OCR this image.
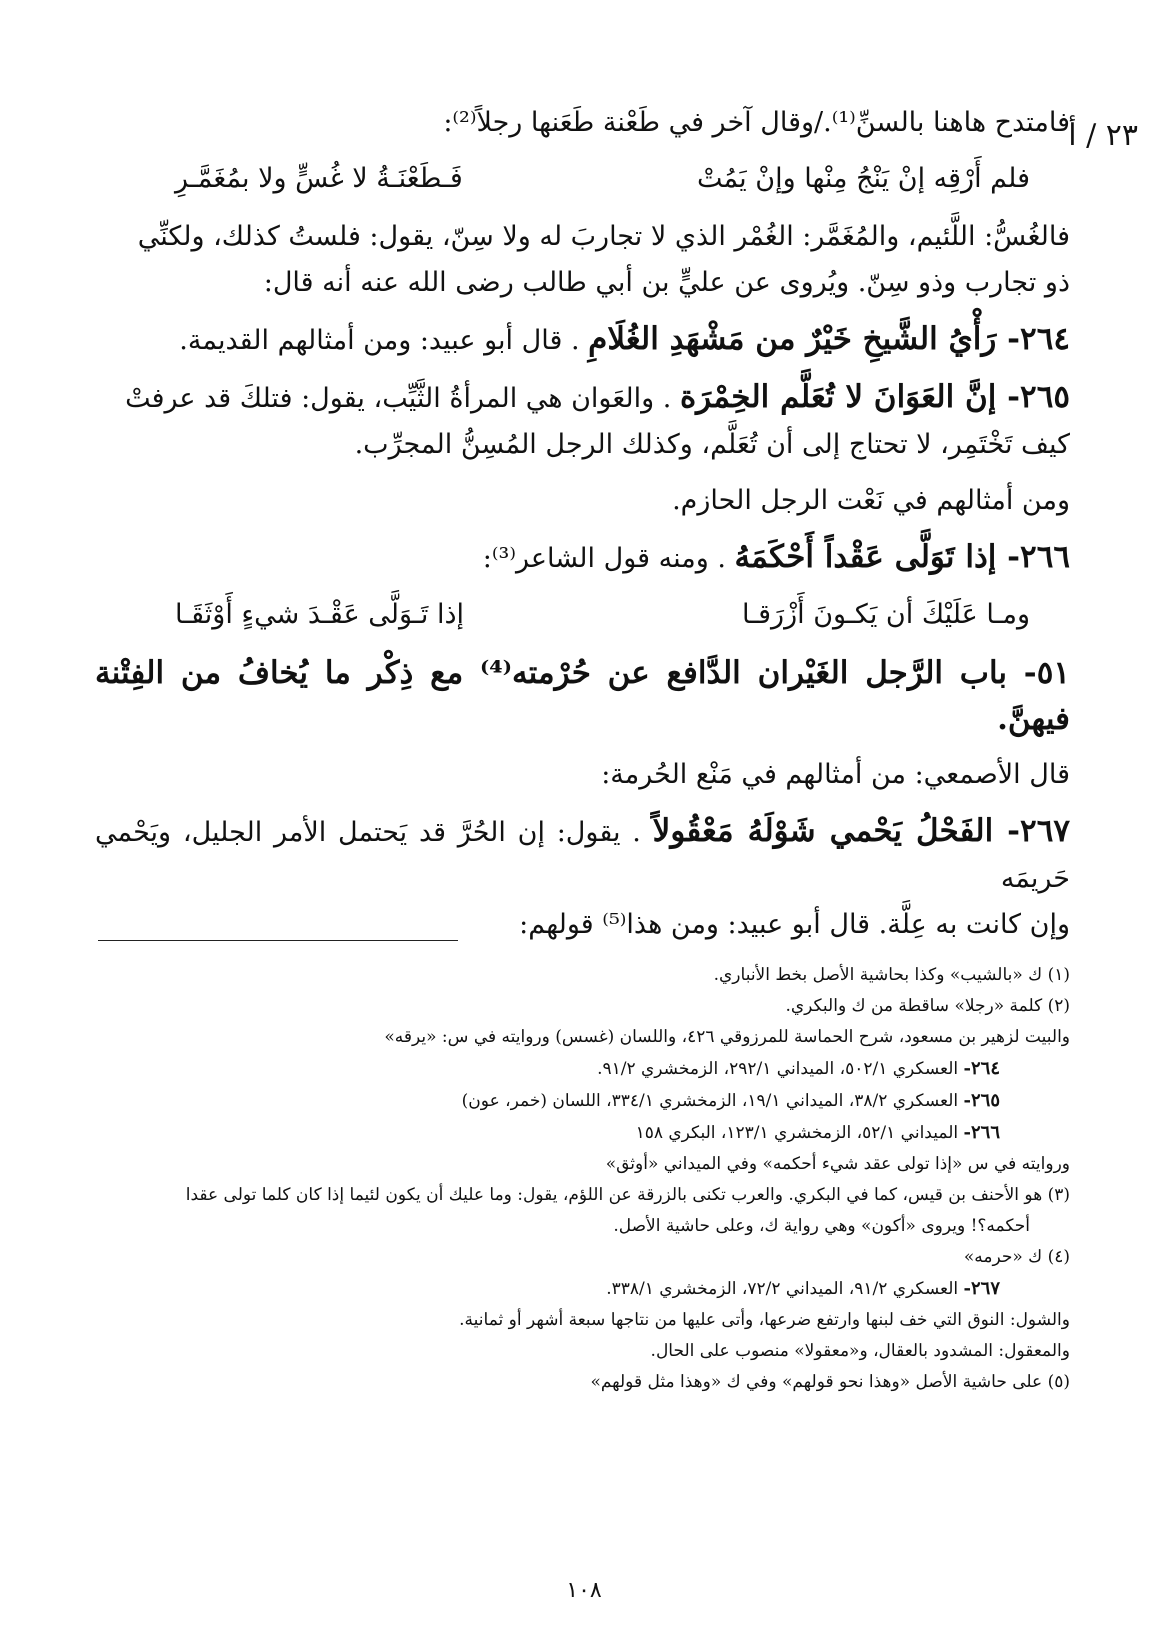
٢٣ / أ

فامتدح هاهنا بالسنِّ⁽¹⁾./وقال آخر في طَعْنة طَعَنها رجلاً⁽²⁾:

فلم أَرْقِه إنْ يَنْجُ مِنْها وإنْ يَمُتْ
فَـطَعْنَـةُ لا غُسٍّ ولا بمُغَمَّـرِ

فالغُسُّ: اللَّئيم، والمُغَمَّر: الغُمْر الذي لا تجاربَ له ولا سِنّ، يقول: فلستُ كذلك، ولكنِّي
ذو تجارب وذو سِنّ. ويُروى عن عليٍّ بن أبي طالب رضى الله عنه أنه قال:

٢٦٤- رَأْيُ الشَّيخِ خَيْرٌ من مَشْهَدِ الغُلَامِ . قال أبو عبيد: ومن أمثالهم القديمة.

٢٦٥- إنَّ العَوَانَ لا تُعَلَّم الخِمْرَة . والعَوان هي المرأةُ الثَّيِّب، يقول: فتلكَ قد عرفتْ
كيف تَخْتَمِر، لا تحتاج إلى أن تُعَلَّم، وكذلك الرجل المُسِنُّ المجرِّب.

ومن أمثالهم في نَعْت الرجل الحازم.

٢٦٦- إذا تَوَلَّى عَقْداً أَحْكَمَهُ . ومنه قول الشاعر⁽³⁾:

ومـا عَلَيْكَ أن يَكـونَ أَزْرَقـا
إذا تَـوَلَّى عَقْـدَ شيءٍ أَوْثَقَـا
٥١- باب الرَّجل الغَيْران الدَّافع عن حُرْمته⁽⁴⁾ مع ذِكْر ما يُخافُ من الفِتْنة فيهنَّ.

قال الأصمعي: من أمثالهم في مَنْع الحُرمة:

٢٦٧- الفَحْلُ يَحْمي شَوْلَهُ مَعْقُولاً . يقول: إن الحُرَّ قد يَحتمل الأمر الجليل، ويَحْمي حَريمَه
وإن كانت به عِلَّة. قال أبو عبيد: ومن هذا⁽⁵⁾ قولهم:

(١) ك «بالشيب» وكذا بحاشية الأصل بخط الأنباري.
(٢) كلمة «رجلا» ساقطة من ك والبكري.
والبيت لزهير بن مسعود، شرح الحماسة للمرزوقي ٤٢٦، واللسان (غسس) وروايته في س: «يرقه»
٢٦٤- العسكري ٥٠٢/١، الميداني ٢٩٢/١، الزمخشري ٩١/٢.
٢٦٥- العسكري ٣٨/٢، الميداني ١٩/١، الزمخشري ٣٣٤/١، اللسان (خمر، عون)
٢٦٦- الميداني ٥٢/١، الزمخشري ١٢٣/١، البكري ١٥٨
وروايته في س «إذا تولى عقد شيء أحكمه» وفي الميداني «أوثق»
(٣) هو الأحنف بن قيس، كما في البكري. والعرب تكنى بالزرقة عن اللؤم، يقول: وما عليك أن يكون لئيما إذا كان كلما تولى عقدا
أحكمه؟! ويروى «أكون» وهي رواية ك، وعلى حاشية الأصل.
(٤) ك «حرمه»
٢٦٧- العسكري ٩١/٢، الميداني ٧٢/٢، الزمخشري ٣٣٨/١.
والشول: النوق التي خف لبنها وارتفع ضرعها، وأتى عليها من نتاجها سبعة أشهر أو ثمانية.
والمعقول: المشدود بالعقال، و«معقولا» منصوب على الحال.
(٥) على حاشية الأصل «وهذا نحو قولهم» وفي ك «وهذا مثل قولهم»
١٠٨
